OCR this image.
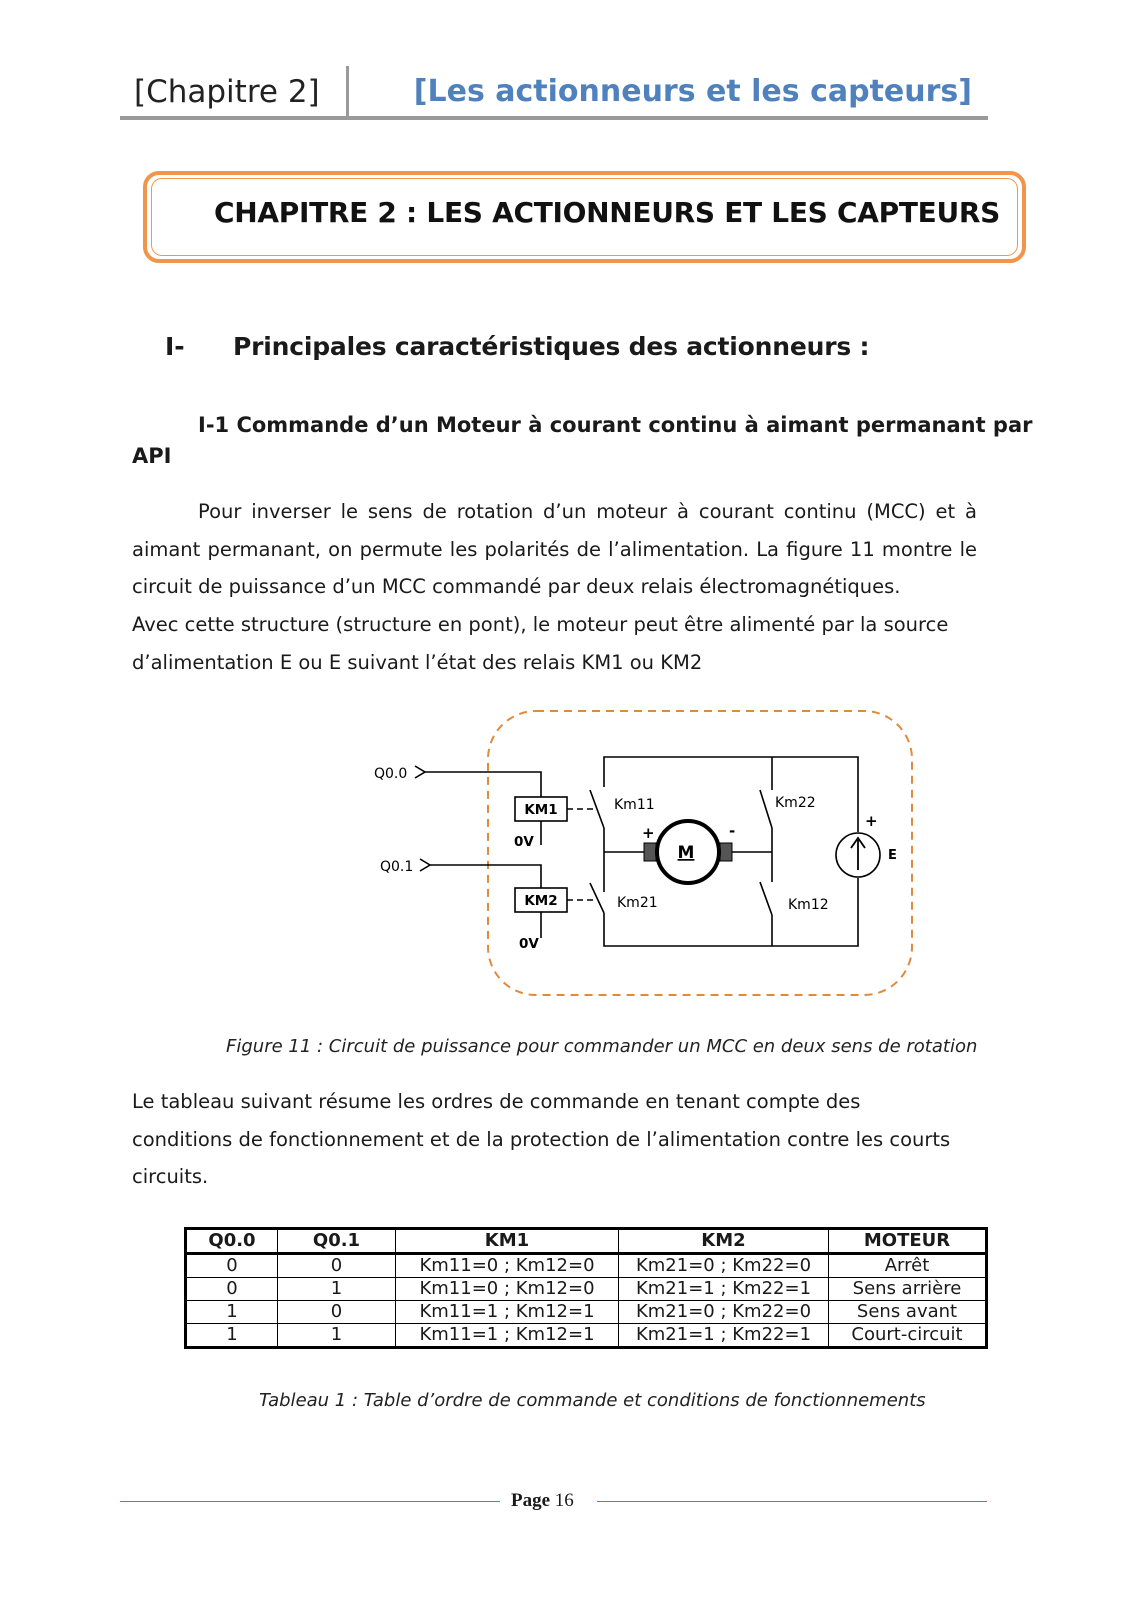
[Chapitre 2]	[Les actionneurs et les capteurs]
CHAPITRE 2 : LES ACTIONNEURS ET LES CAPTEURS
I- Principales caractéristiques des actionneurs :
I-1 Commande d’un Moteur à courant continu à aimant permanant par
API
Pour inverser le sens de rotation d’un moteur à courant continu (MCC) et à
aimant permanant, on permute les polarités de l’alimentation. La figure 11 montre le
circuit de puissance d’un MCC commandé par deux relais électromagnétiques.
Avec cette structure (structure en pont), le moteur peut être alimenté par la source
d’alimentation E ou E suivant l’état des relais KM1 ou KM2
Q0.0
Q0.1
KM1
KM2
0V
0V
Km11	Km22
Km21	Km12
M
+	-
+
E
Figure 11 : Circuit de puissance pour commander un MCC en deux sens de rotation
Le tableau suivant résume les ordres de commande en tenant compte des
conditions de fonctionnement et de la protection de l’alimentation contre les courts
circuits.
Q0.0	Q0.1	KM1	KM2	MOTEUR
0	0	Km11=0 ; Km12=0	Km21=0 ; Km22=0	Arrêt
0	1	Km11=0 ; Km12=0	Km21=1 ; Km22=1	Sens arrière
1	0	Km11=1 ; Km12=1	Km21=0 ; Km22=0	Sens avant
1	1	Km11=1 ; Km12=1	Km21=1 ; Km22=1	Court-circuit
Tableau 1 : Table d’ordre de commande et conditions de fonctionnements
Page 16
